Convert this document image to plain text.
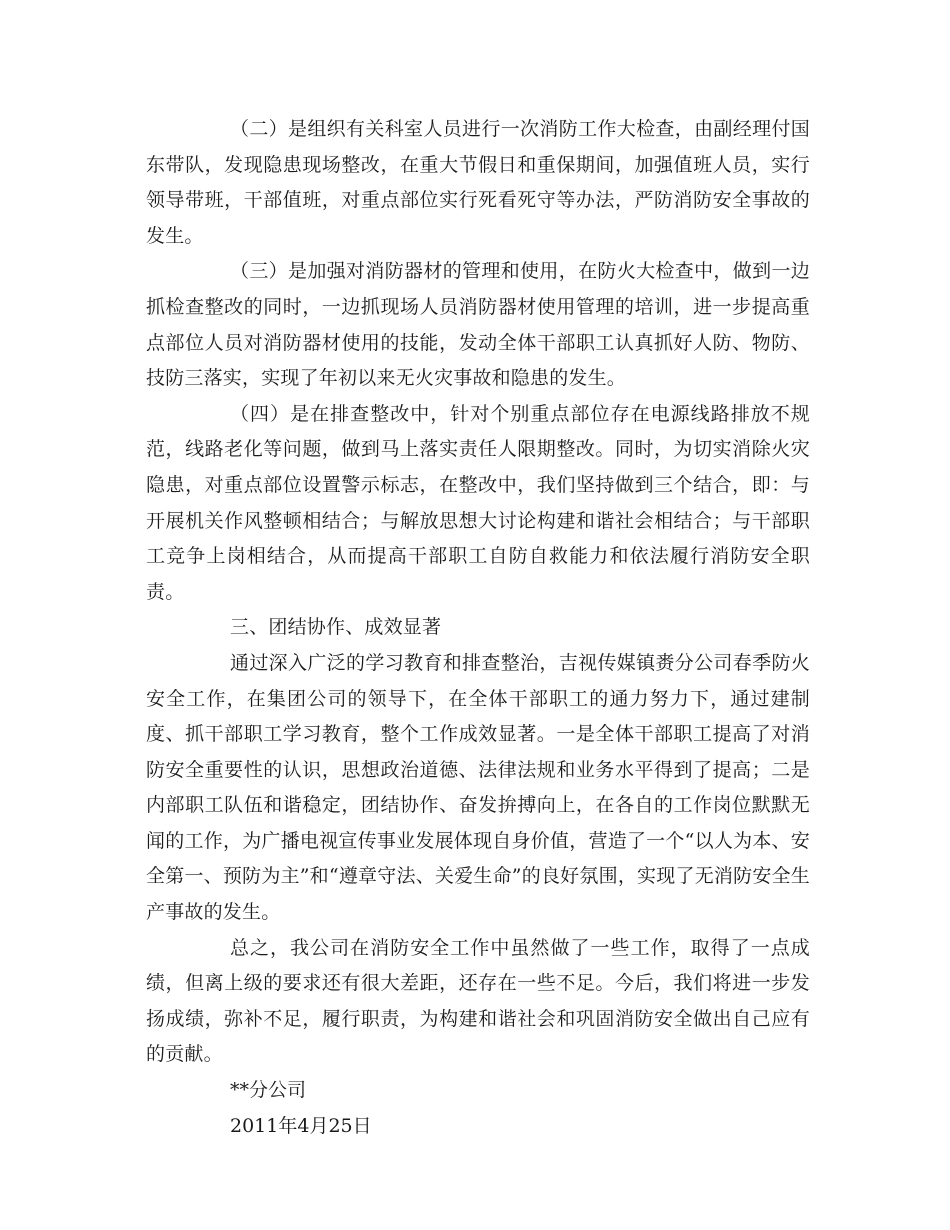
（二）是组织有关科室人员进行一次消防工作大检查，由副经理付国东带队，发现隐患现场整改，在重大节假日和重保期间，加强值班人员，实行领导带班，干部值班，对重点部位实行死看死守等办法，严防消防安全事故的发生。

（三）是加强对消防器材的管理和使用，在防火大检查中，做到一边抓检查整改的同时，一边抓现场人员消防器材使用管理的培训，进一步提高重点部位人员对消防器材使用的技能，发动全体干部职工认真抓好人防、物防、技防三落实，实现了年初以来无火灾事故和隐患的发生。

（四）是在排查整改中，针对个别重点部位存在电源线路排放不规范，线路老化等问题，做到马上落实责任人限期整改。同时，为切实消除火灾隐患，对重点部位设置警示标志，在整改中，我们坚持做到三个结合，即：与开展机关作风整顿相结合；与解放思想大讨论构建和谐社会相结合；与干部职工竞争上岗相结合，从而提高干部职工自防自救能力和依法履行消防安全职责。

三、团结协作、成效显著

通过深入广泛的学习教育和排查整治，吉视传媒镇赉分公司春季防火安全工作，在集团公司的领导下，在全体干部职工的通力努力下，通过建制度、抓干部职工学习教育，整个工作成效显著。一是全体干部职工提高了对消防安全重要性的认识，思想政治道德、法律法规和业务水平得到了提高；二是内部职工队伍和谐稳定，团结协作、奋发拚搏向上，在各自的工作岗位默默无闻的工作，为广播电视宣传事业发展体现自身价值，营造了一个“以人为本、安全第一、预防为主”和“遵章守法、关爱生命”的良好氛围，实现了无消防安全生产事故的发生。

总之，我公司在消防安全工作中虽然做了一些工作，取得了一点成绩，但离上级的要求还有很大差距，还存在一些不足。今后，我们将进一步发扬成绩，弥补不足，履行职责，为构建和谐社会和巩固消防安全做出自己应有的贡献。

**分公司

2011年4月25日
